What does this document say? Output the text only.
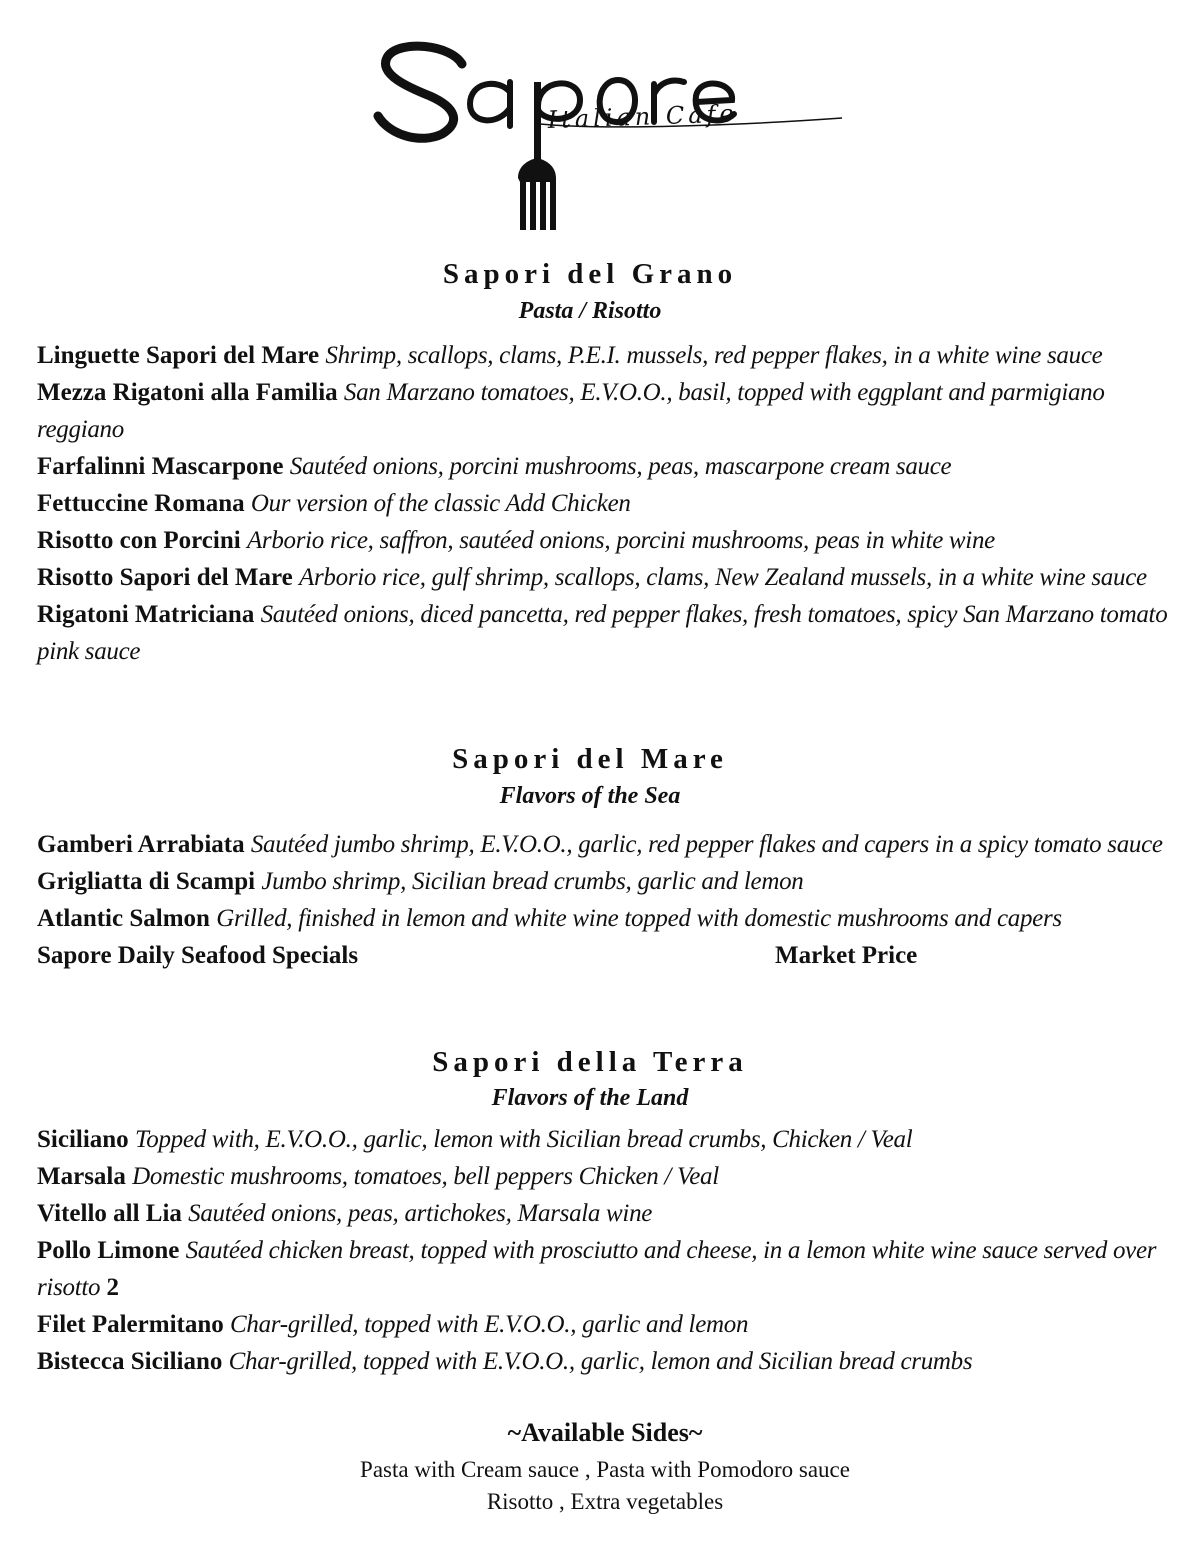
Italian Cafe
Sapori del Grano
Pasta / Risotto
Linguette Sapori del Mare Shrimp, scallops, clams, P.E.I. mussels, red pepper flakes, in a white wine sauce
Mezza Rigatoni alla Familia San Marzano tomatoes, E.V.O.O., basil, topped with eggplant and parmigiano reggiano
Farfalinni Mascarpone Sautéed onions, porcini mushrooms, peas, mascarpone cream sauce
Fettuccine Romana Our version of the classic Add Chicken
Risotto con Porcini Arborio rice, saffron, sautéed onions, porcini mushrooms, peas in white wine
Risotto Sapori del Mare Arborio rice, gulf shrimp, scallops, clams, New Zealand mussels, in a white wine sauce
Rigatoni Matriciana Sautéed onions, diced pancetta, red pepper flakes, fresh tomatoes, spicy San Marzano tomato pink sauce
Sapori del Mare
Flavors of the Sea
Gamberi Arrabiata Sautéed jumbo shrimp, E.V.O.O., garlic, red pepper flakes and capers in a spicy tomato sauce
Grigliatta di Scampi Jumbo shrimp, Sicilian bread crumbs, garlic and lemon
Atlantic Salmon Grilled, finished in lemon and white wine topped with domestic mushrooms and capers
Sapore Daily Seafood Specials	Market Price
Sapori della Terra
Flavors of the Land
Siciliano Topped with, E.V.O.O., garlic, lemon with Sicilian bread crumbs, Chicken / Veal
Marsala Domestic mushrooms, tomatoes, bell peppers Chicken / Veal
Vitello all Lia Sautéed onions, peas, artichokes, Marsala wine
Pollo Limone Sautéed chicken breast, topped with prosciutto and cheese, in a lemon white wine sauce served over risotto 2
Filet Palermitano Char-grilled, topped with E.V.O.O., garlic and lemon
Bistecca Siciliano Char-grilled, topped with E.V.O.O., garlic, lemon and Sicilian bread crumbs
~Available Sides~
Pasta with Cream sauce , Pasta with Pomodoro sauce
Risotto , Extra vegetables
